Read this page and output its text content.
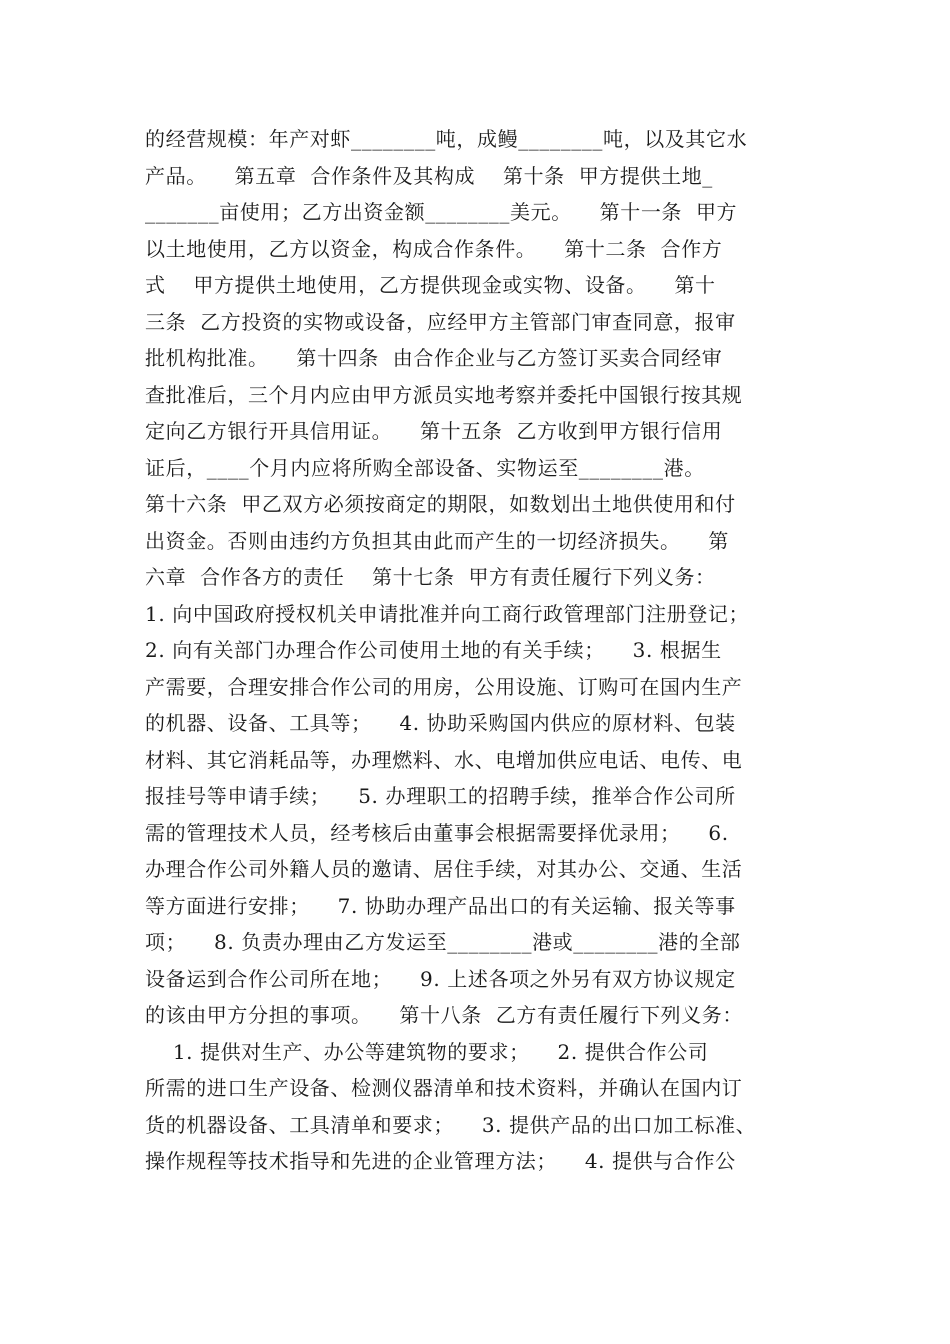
的经营规模：年产对虾________吨，成鳗________吨，以及其它水
产品。    第五章  合作条件及其构成    第十条  甲方提供土地_
_______亩使用；乙方出资金额________美元。    第十一条  甲方
以土地使用，乙方以资金，构成合作条件。    第十二条  合作方
式    甲方提供土地使用，乙方提供现金或实物、设备。    第十
三条  乙方投资的实物或设备，应经甲方主管部门审查同意，报审
批机构批准。    第十四条  由合作企业与乙方签订买卖合同经审
查批准后，三个月内应由甲方派员实地考察并委托中国银行按其规
定向乙方银行开具信用证。    第十五条  乙方收到甲方银行信用
证后，____个月内应将所购全部设备、实物运至________港。
第十六条  甲乙双方必须按商定的期限，如数划出土地供使用和付
出资金。否则由违约方负担其由此而产生的一切经济损失。    第
六章  合作各方的责任    第十七条  甲方有责任履行下列义务：
1. 向中国政府授权机关申请批准并向工商行政管理部门注册登记；
2. 向有关部门办理合作公司使用土地的有关手续；    3. 根据生
产需要，合理安排合作公司的用房，公用设施、订购可在国内生产
的机器、设备、工具等；    4. 协助采购国内供应的原材料、包装
材料、其它消耗品等，办理燃料、水、电增加供应电话、电传、电
报挂号等申请手续；    5. 办理职工的招聘手续，推举合作公司所
需的管理技术人员，经考核后由董事会根据需要择优录用；    6.
办理合作公司外籍人员的邀请、居住手续，对其办公、交通、生活
等方面进行安排；    7. 协助办理产品出口的有关运输、报关等事
项；    8. 负责办理由乙方发运至________港或________港的全部
设备运到合作公司所在地；    9. 上述各项之外另有双方协议规定
的该由甲方分担的事项。    第十八条  乙方有责任履行下列义务：
1. 提供对生产、办公等建筑物的要求；    2. 提供合作公司
所需的进口生产设备、检测仪器清单和技术资料，并确认在国内订
货的机器设备、工具清单和要求；    3. 提供产品的出口加工标准、
操作规程等技术指导和先进的企业管理方法；    4. 提供与合作公
